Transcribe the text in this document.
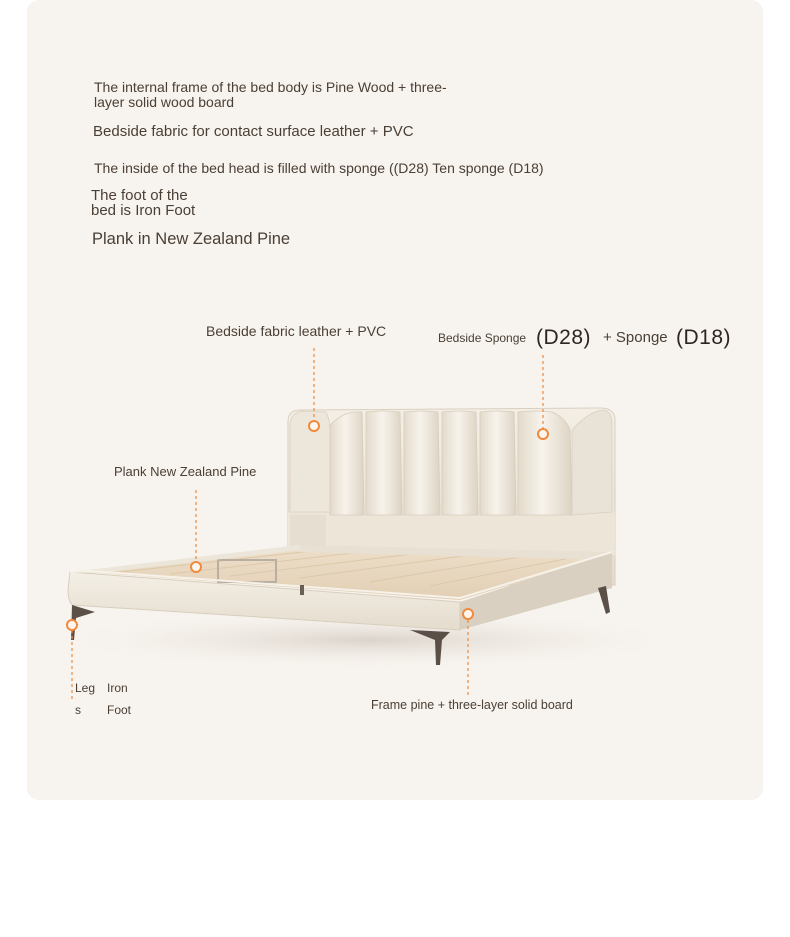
The internal frame of the bed body is Pine Wood + three-
layer solid wood board

Bedside fabric for contact surface leather + PVC

The inside of the bed head is filled with sponge ((D28) Ten sponge (D18)

The foot of the
bed is Iron Foot

Plank in New Zealand Pine

Bedside fabric leather + PVC	Bedside Sponge (D28) + Sponge (D18)

Plank New Zealand Pine

Leg

s

Iron

Foot	Frame pine + three-layer solid board
